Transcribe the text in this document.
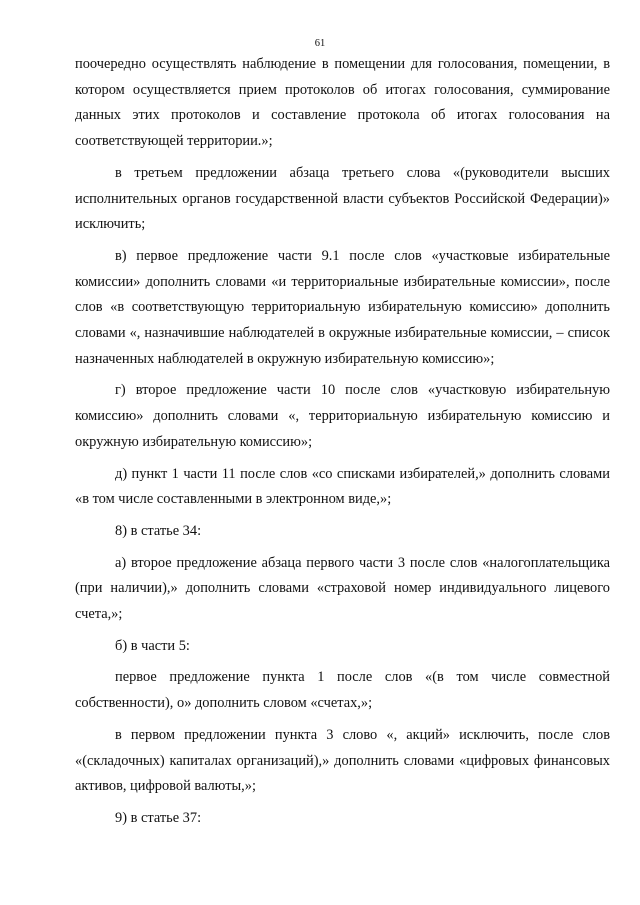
61

поочередно осуществлять наблюдение в помещении для голосования, помещении, в котором осуществляется прием протоколов об итогах голосования, суммирование данных этих протоколов и составление протокола об итогах голосования на соответствующей территории.»;

в третьем предложении абзаца третьего слова «(руководители высших исполнительных органов государственной власти субъектов Российской Федерации)» исключить;

в) первое предложение части 9.1 после слов «участковые избирательные комиссии» дополнить словами «и территориальные избирательные комиссии», после слов «в соответствующую территориальную избирательную комиссию» дополнить словами «, назначившие наблюдателей в окружные избирательные комиссии, – список назначенных наблюдателей в окружную избирательную комиссию»;

г) второе предложение части 10 после слов «участковую избирательную комиссию» дополнить словами «, территориальную избирательную комиссию и окружную избирательную комиссию»;

д) пункт 1 части 11 после слов «со списками избирателей,» дополнить словами «в том числе составленными в электронном виде,»;

8) в статье 34:

а) второе предложение абзаца первого части 3 после слов «налогоплательщика (при наличии),» дополнить словами «страховой номер индивидуального лицевого счета,»;

б) в части 5:

первое предложение пункта 1 после слов «(в том числе совместной собственности), о» дополнить словом «счетах,»;

в первом предложении пункта 3 слово «, акций» исключить, после слов «(складочных) капиталах организаций),» дополнить словами «цифровых финансовых активов, цифровой валюты,»;

9) в статье 37:
